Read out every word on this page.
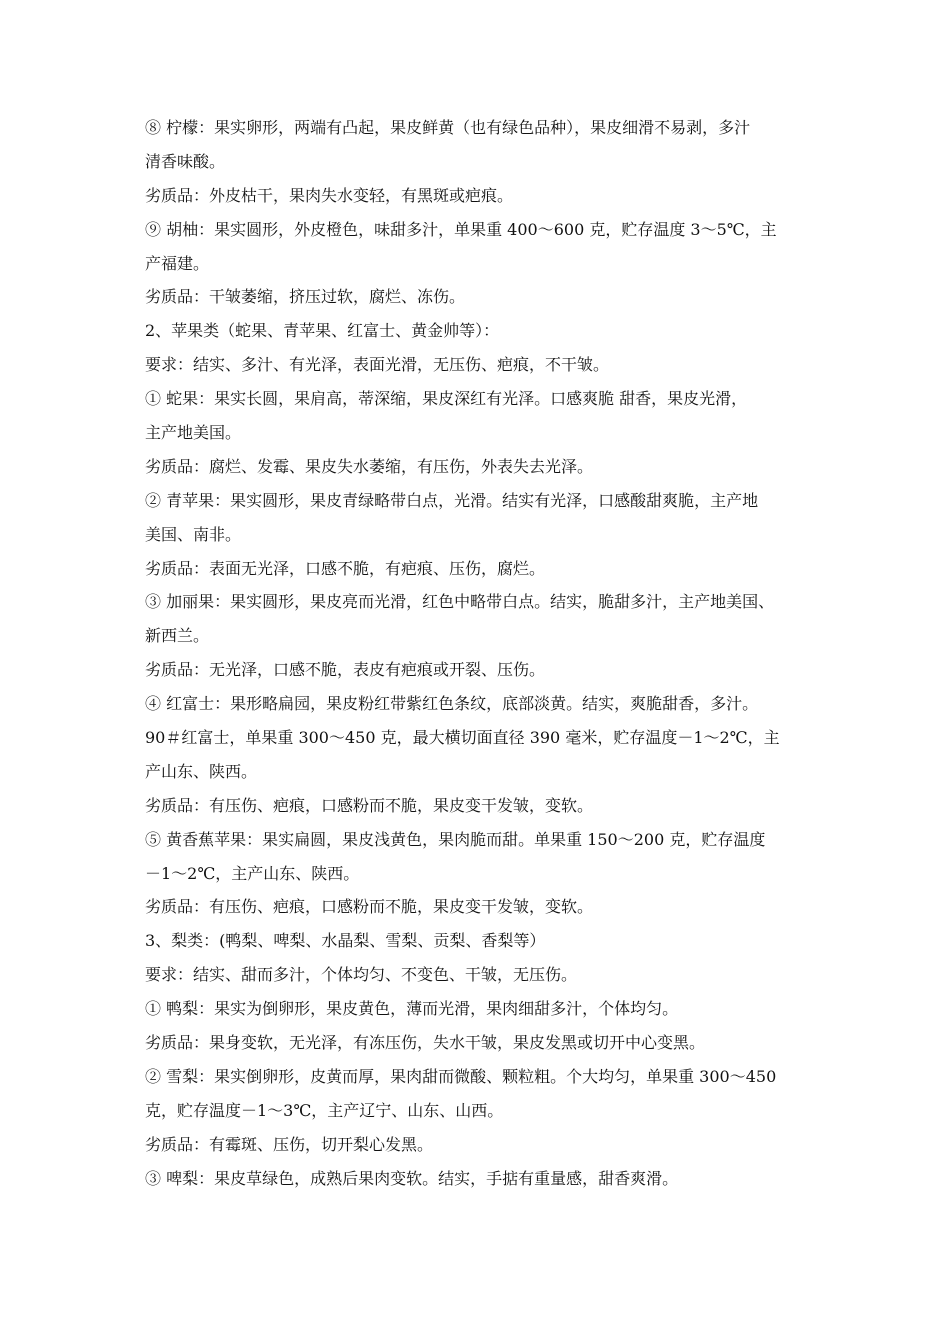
⑧ 柠檬：果实卵形，两端有凸起，果皮鲜黄（也有绿色品种），果皮细滑不易剥，多汁

清香味酸。

劣质品：外皮枯干，果肉失水变轻，有黑斑或疤痕。

⑨ 胡柚：果实圆形，外皮橙色，味甜多汁，单果重 400～600 克，贮存温度 3～5℃，主

产福建。

劣质品：干皱萎缩，挤压过软，腐烂、冻伤。

2、苹果类（蛇果、青苹果、红富士、黄金帅等）：

要求：结实、多汁、有光泽，表面光滑，无压伤、疤痕，不干皱。

① 蛇果：果实长圆，果肩高，蒂深缩，果皮深红有光泽。口感爽脆 甜香，果皮光滑，

主产地美国。

劣质品：腐烂、发霉、果皮失水萎缩，有压伤，外表失去光泽。

② 青苹果：果实圆形，果皮青绿略带白点，光滑。结实有光泽，口感酸甜爽脆，主产地

美国、南非。

劣质品：表面无光泽，口感不脆，有疤痕、压伤，腐烂。

③ 加丽果：果实圆形，果皮亮而光滑，红色中略带白点。结实，脆甜多汁，主产地美国、

新西兰。

劣质品：无光泽，口感不脆，表皮有疤痕或开裂、压伤。

④ 红富士：果形略扁园，果皮粉红带紫红色条纹，底部淡黄。结实，爽脆甜香，多汁。

90＃红富士，单果重 300～450 克，最大横切面直径 390 毫米，贮存温度－1～2℃，主

产山东、陕西。

劣质品：有压伤、疤痕，口感粉而不脆，果皮变干发皱，变软。

⑤ 黄香蕉苹果：果实扁圆，果皮浅黄色，果肉脆而甜。单果重 150～200 克，贮存温度

－1～2℃，主产山东、陕西。

劣质品：有压伤、疤痕，口感粉而不脆，果皮变干发皱，变软。

3、梨类：(鸭梨、啤梨、水晶梨、雪梨、贡梨、香梨等）

要求：结实、甜而多汁，个体均匀、不变色、干皱，无压伤。

① 鸭梨：果实为倒卵形，果皮黄色，薄而光滑，果肉细甜多汁，个体均匀。

劣质品：果身变软，无光泽，有冻压伤，失水干皱，果皮发黑或切开中心变黑。

② 雪梨：果实倒卵形，皮黄而厚，果肉甜而微酸、颗粒粗。个大均匀，单果重 300～450

克，贮存温度－1～3℃，主产辽宁、山东、山西。

劣质品：有霉斑、压伤，切开梨心发黑。

③ 啤梨：果皮草绿色，成熟后果肉变软。结实，手掂有重量感，甜香爽滑。
